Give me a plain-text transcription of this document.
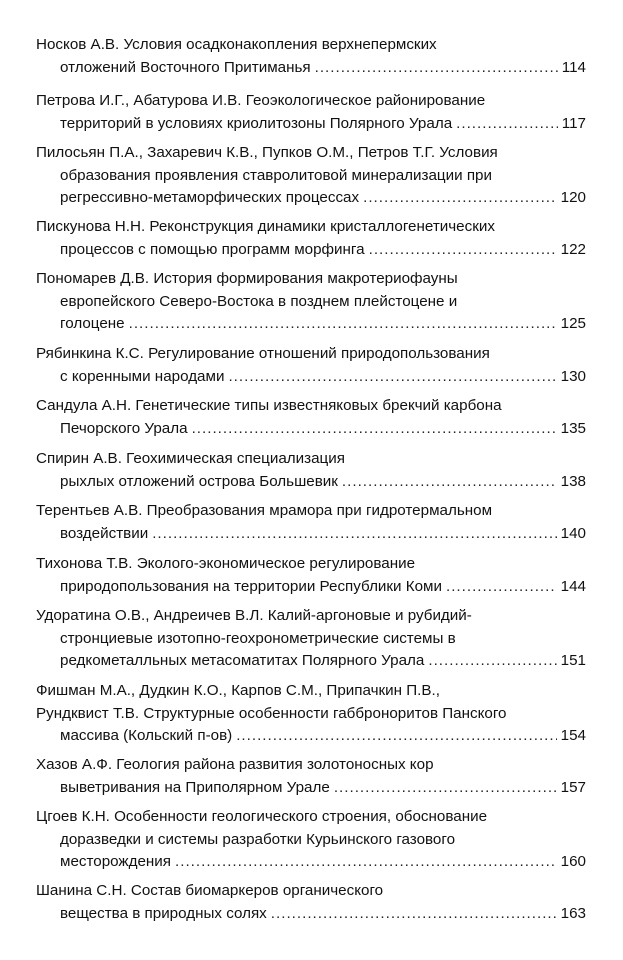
Носков А.В. Условия осадконакопления верхнепермских
отложений Восточного Притиманья .....	114
Петрова И.Г., Абатурова И.В. Геоэкологическое районирование
территорий в условиях криолитозоны Полярного Урала .....	117
Пилосьян П.А., Захаревич К.В., Пупков О.М., Петров Т.Г. Условия
образования проявления ставролитовой минерализации при
регрессивно-метаморфических процессах .....	120
Пискунова Н.Н. Реконструкция динамики кристаллогенетических
процессов с помощью программ морфинга .....	122
Пономарев Д.В. История формирования макротериофауны
европейского Северо-Востока в позднем плейстоцене и
голоцене .....	125
Рябинкина К.С. Регулирование отношений природопользования
с коренными народами .....	130
Сандула А.Н. Генетические типы известняковых брекчий карбона
Печорского Урала .....	135
Спирин А.В. Геохимическая специализация
рыхлых отложений острова Большевик .....	138
Терентьев А.В. Преобразования мрамора при гидротермальном
воздействии .....	140
Тихонова Т.В. Эколого-экономическое регулирование
природопользования на территории Республики Коми .....	144
Удоратина О.В., Андреичев В.Л. Калий-аргоновые и рубидий-
стронциевые изотопно-геохронометрические системы в
редкометалльных метасоматитах Полярного Урала .....	151
Фишман М.А., Дудкин К.О., Карпов С.М., Припачкин П.В.,
Рундквист Т.В. Структурные особенности габброноритов Панского
массива (Кольский п-ов) .....	154
Хазов А.Ф. Геология района развития золотоносных кор
выветривания на Приполярном Урале .....	157
Цгоев К.Н. Особенности геологического строения, обоснование
доразведки и системы разработки Курьинского газового
месторождения .....	160
Шанина С.Н. Состав биомаркеров органического
вещества в природных солях .....	163
